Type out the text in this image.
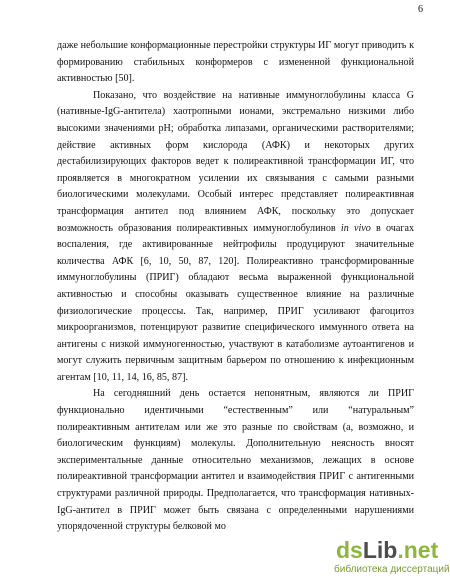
6

даже небольшие конформационные перестройки структуры ИГ могут приводить к формированию стабильных конформеров с измененной функциональной активностью [50].

Показано, что воздействие на нативные иммуноглобулины класса G (нативные-IgG-антитела) хаотропными ионами, экстремально низкими либо высокими значениями pH; обработка липазами, органическими растворителями; действие активных форм кислорода (АФК) и некоторых других дестабилизирующих факторов ведет к полиреактивной трансформации ИГ, что проявляется в многократном усилении их связывания с самыми разными биологическими молекулами. Особый интерес представляет полиреактивная трансформация антител под влиянием АФК, поскольку это допускает возможность образования полиреактивных иммуноглобулинов in vivo в очагах воспаления, где активированные нейтрофилы продуцируют значительные количества АФК [6, 10, 50, 87, 120]. Полиреактивно трансформированные иммуноглобулины (ПРИГ) обладают весьма выраженной функциональной активностью и способны оказывать существенное влияние на различные физиологические процессы. Так, например, ПРИГ усиливают фагоцитоз микроорганизмов, потенцируют развитие специфического иммунного ответа на антигены с низкой иммуногенностью, участвуют в катаболизме аутоантигенов и могут служить первичным защитным барьером по отношению к инфекционным агентам [10, 11, 14, 16, 85, 87].

На сегодняшний день остается непонятным, являются ли ПРИГ функционально идентичными “естественным” или “натуральным” полиреактивным антителам или же это разные по свойствам (а, возможно, и биологическим функциям) молекулы. Дополнительную неясность вносят экспериментальные данные относительно механизмов, лежащих в основе полиреактивной трансформации антител и взаимодействия ПРИГ с антигенными структурами различной природы. Предполагается, что трансформация нативных-IgG-антител в ПРИГ может быть связана с определенными нарушениями упорядоченной структуры белковой мо

dsLib.net
библиотека диссертаций
